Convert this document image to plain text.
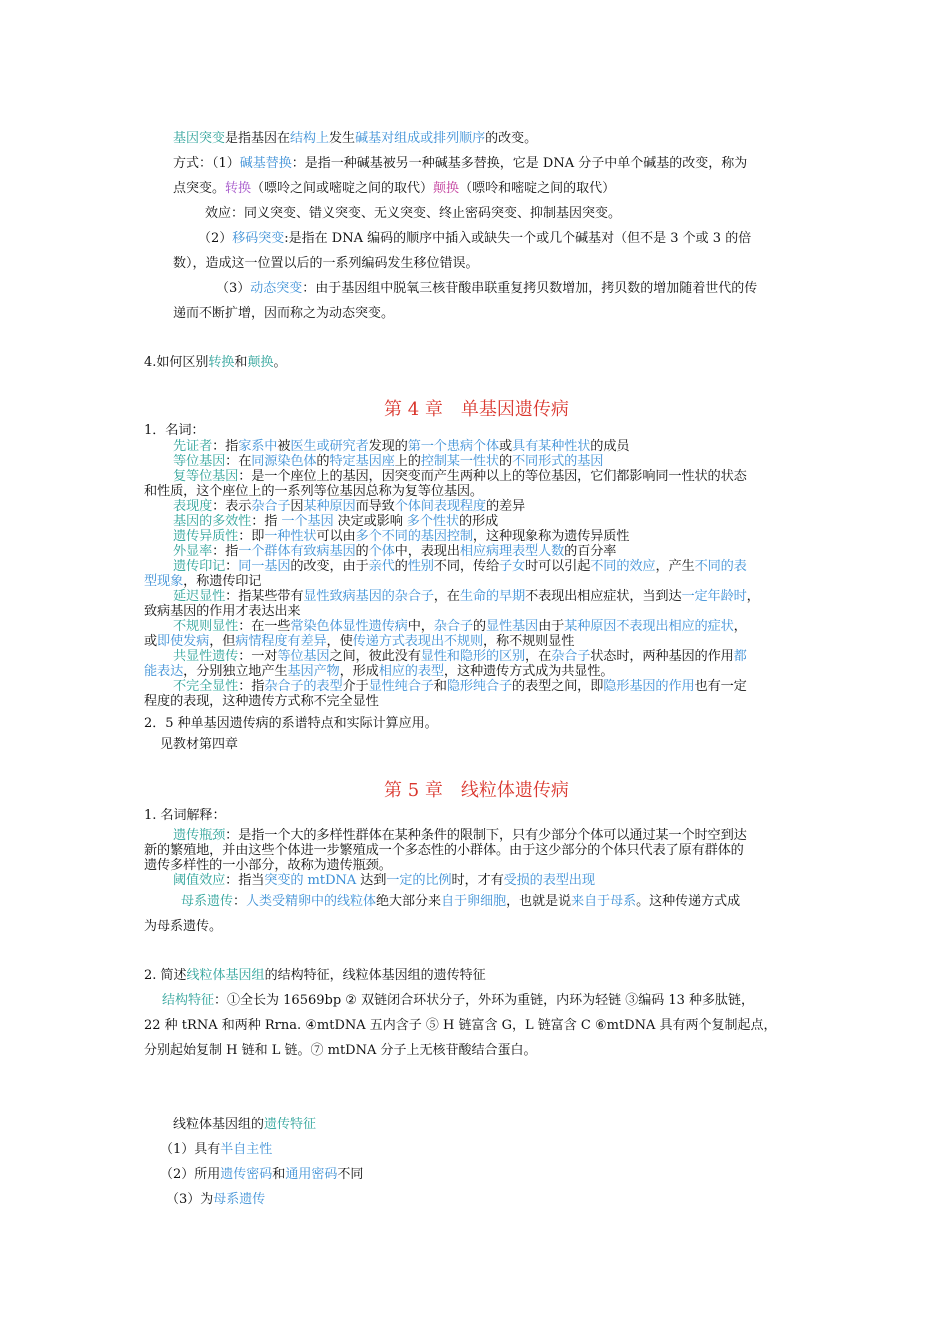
基因突变是指基因在结构上发生碱基对组成或排列顺序的改变。
方式：（1）碱基替换：是指一种碱基被另一种碱基多替换，它是 DNA 分子中单个碱基的改变，称为
点突变。转换（嘌呤之间或嘧啶之间的取代）颠换（嘌呤和嘧啶之间的取代）
效应：同义突变、错义突变、无义突变、终止密码突变、抑制基因突变。
（2）移码突变:是指在 DNA 编码的顺序中插入或缺失一个或几个碱基对（但不是 3 个或 3 的倍
数），造成这一位置以后的一系列编码发生移位错误。
（3）动态突变：由于基因组中脱氧三核苷酸串联重复拷贝数增加，拷贝数的增加随着世代的传
递而不断扩增，因而称之为动态突变。
4.如何区别转换和颠换。
第 4 章　单基因遗传病
1．名词：
先证者：指家系中被医生或研究者发现的第一个患病个体或具有某种性状的成员
等位基因：在同源染色体的特定基因座上的控制某一性状的不同形式的基因
复等位基因：是一个座位上的基因，因突变而产生两种以上的等位基因，它们都影响同一性状的状态
和性质，这个座位上的一系列等位基因总称为复等位基因。
表现度：表示杂合子因某种原因而导致个体间表现程度的差异
基因的多效性：指 一个基因 决定或影响 多个性状的形成
遗传异质性：即一种性状可以由多个不同的基因控制，这种现象称为遗传异质性
外显率：指一个群体有致病基因的个体中，表现出相应病理表型人数的百分率
遗传印记：同一基因的改变，由于亲代的性别不同，传给子女时可以引起不同的效应，产生不同的表
型现象，称遗传印记
延迟显性：指某些带有显性致病基因的杂合子，在生命的早期不表现出相应症状，当到达一定年龄时，
致病基因的作用才表达出来
不规则显性：在一些常染色体显性遗传病中，杂合子的显性基因由于某种原因不表现出相应的症状，
或即使发病，但病情程度有差异，使传递方式表现出不规则，称不规则显性
共显性遗传：一对等位基因之间，彼此没有显性和隐形的区别，在杂合子状态时，两种基因的作用都
能表达，分别独立地产生基因产物，形成相应的表型，这种遗传方式成为共显性。
不完全显性：指杂合子的表型介于显性纯合子和隐形纯合子的表型之间，即隐形基因的作用也有一定
程度的表现，这种遗传方式称不完全显性
2．5 种单基因遗传病的系谱特点和实际计算应用。
见教材第四章
第 5 章　线粒体遗传病
1. 名词解释：
遗传瓶颈：是指一个大的多样性群体在某种条件的限制下，只有少部分个体可以通过某一个时空到达
新的繁殖地，并由这些个体进一步繁殖成一个多态性的小群体。由于这少部分的个体只代表了原有群体的
遗传多样性的一小部分，故称为遗传瓶颈。
阈值效应：指当突变的 mtDNA 达到一定的比例时，才有受损的表型出现
母系遗传：人类受精卵中的线粒体绝大部分来自于卵细胞，也就是说来自于母系。这种传递方式成
为母系遗传。
2. 简述线粒体基因组的结构特征，线粒体基因组的遗传特征
结构特征：①全长为 16569bp ② 双链闭合环状分子，外环为重链，内环为轻链 ③编码 13 种多肽链，
22 种 tRNA 和两种 Rrna. ④mtDNA 五内含子 ⑤ H 链富含 G，L 链富含 C ⑥mtDNA 具有两个复制起点，
分别起始复制 H 链和 L 链。⑦ mtDNA 分子上无核苷酸结合蛋白。
线粒体基因组的遗传特征
（1）具有半自主性
（2）所用遗传密码和通用密码不同
（3）为母系遗传
